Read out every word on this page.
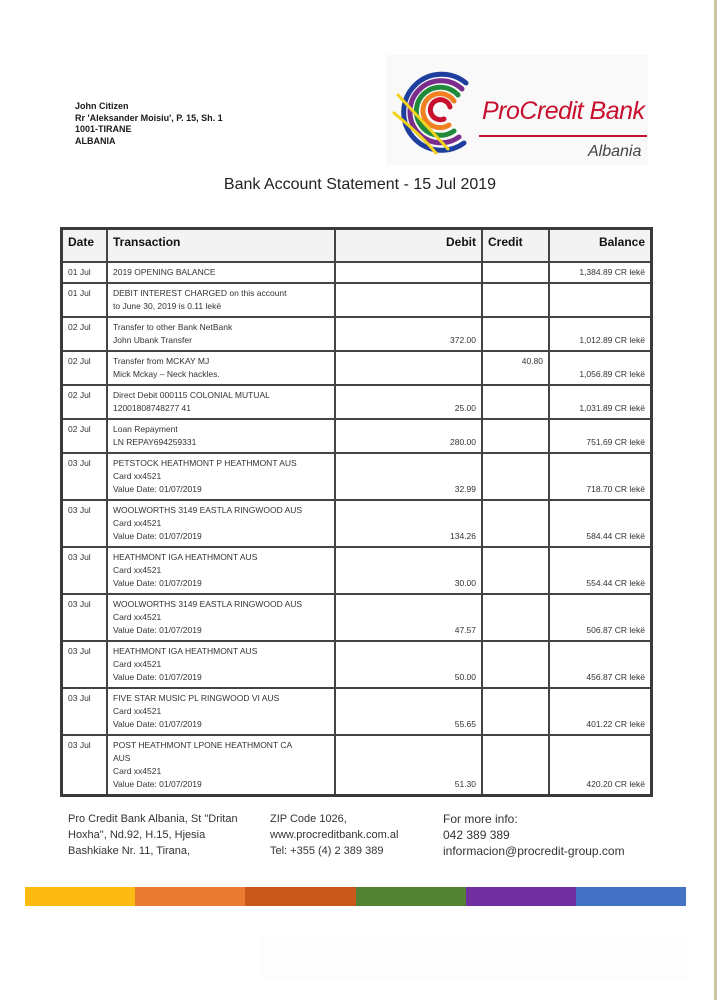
John Citizen
Rr 'Aleksander Moisiu', P. 15, Sh. 1
1001-TIRANE
ALBANIA
ProCredit Bank
Albania
Bank Account Statement - 15 Jul 2019
Date	Transaction	Debit	Credit	Balance
01 Jul	2019 OPENING BALANCE			1,384.89 CR lekë
01 Jul	DEBIT INTEREST CHARGED on this account
to June 30, 2019 is 0.11 lekë			

02 Jul	Transfer to other Bank NetBank
John Ubank Transfer	372.00		1,012.89 CR lekë
02 Jul	Transfer from MCKAY MJ
Mick Mckay – Neck hackles.		40.80	1,056.89 CR lekë
02 Jul	Direct Debit 000115 COLONIAL MUTUAL
12001808748277 41	25.00		1,031.89 CR lekë
02 Jul	Loan Repayment
LN REPAY694259331	280.00		751.69 CR lekë
03 Jul	PETSTOCK HEATHMONT P HEATHMONT AUS
Card xx4521
Value Date: 01/07/2019	32.99		718.70 CR lekë
03 Jul	WOOLWORTHS 3149 EASTLA RINGWOOD AUS
Card xx4521
Value Date: 01/07/2019	134.26		584.44 CR lekë
03 Jul	HEATHMONT IGA HEATHMONT AUS
Card xx4521
Value Date: 01/07/2019	30.00		554.44 CR lekë
03 Jul	WOOLWORTHS 3149 EASTLA RINGWOOD AUS
Card xx4521
Value Date: 01/07/2019	47.57		506.87 CR lekë
03 Jul	HEATHMONT IGA HEATHMONT AUS
Card xx4521
Value Date: 01/07/2019	50.00		456.87 CR lekë
03 Jul	FIVE STAR MUSIC PL RINGWOOD VI AUS
Card xx4521
Value Date: 01/07/2019	55.65		401.22 CR lekë
03 Jul	POST HEATHMONT LPONE HEATHMONT CA
AUS
Card xx4521
Value Date: 01/07/2019	51.30		420.20 CR lekë
Pro Credit Bank Albania, St "Dritan
Hoxha", Nd.92, H.15, Hjesia
Bashkiake Nr. 11, Tirana,
ZIP Code 1026,
www.procreditbank.com.al
Tel: +355 (4) 2 389 389
For more info:
042 389 389
informacion@procredit-group.com
